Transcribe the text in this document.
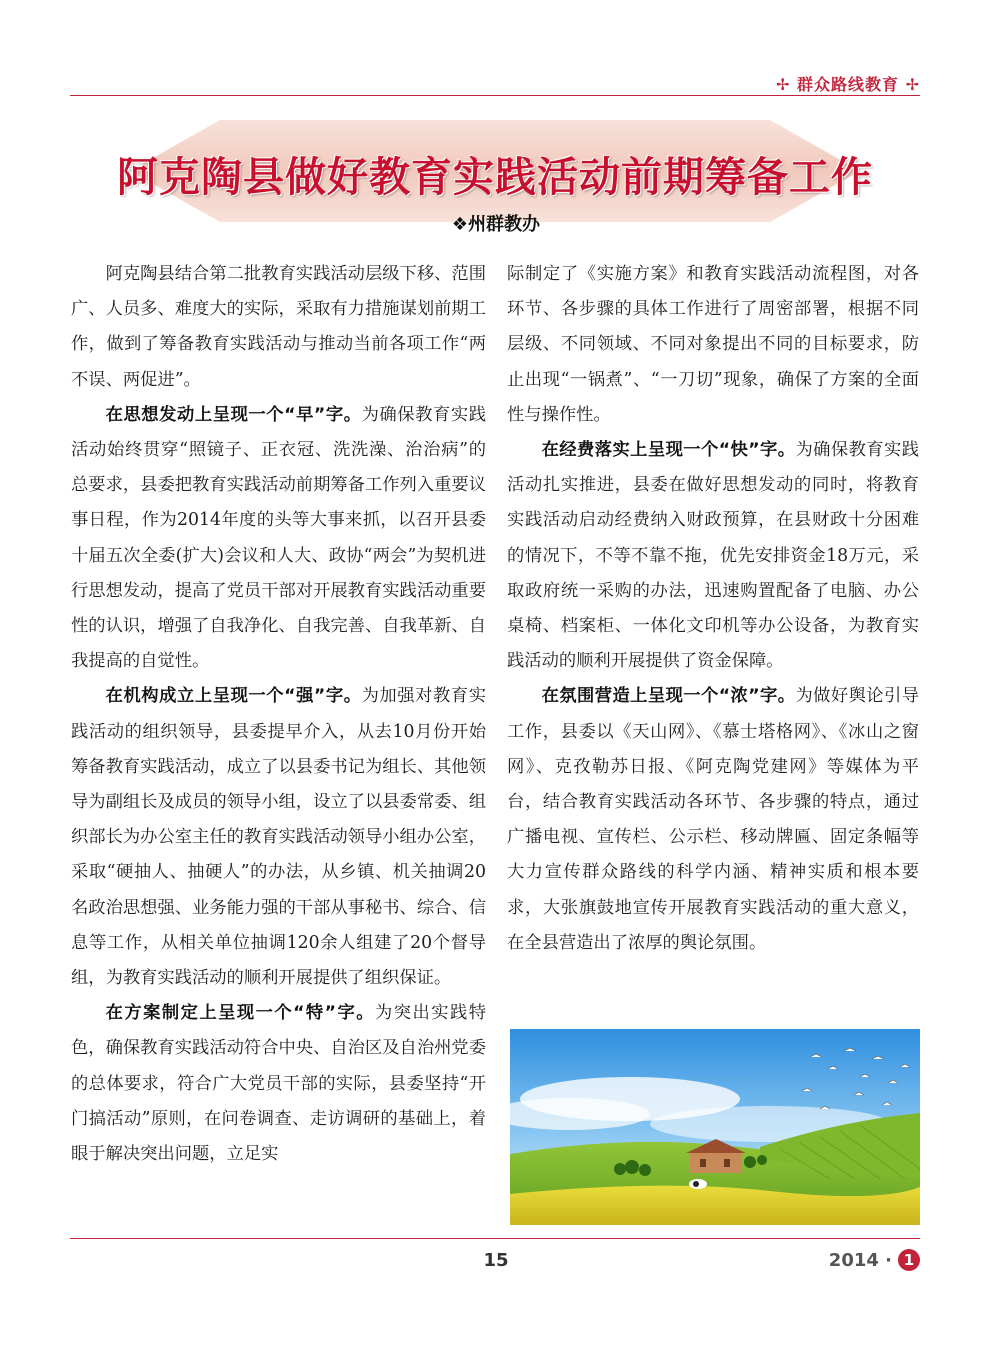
✢ 群众路线教育 ✢
阿克陶县做好教育实践活动前期筹备工作
❖州群教办

阿克陶县结合第二批教育实践活动层级下移、范围广、人员多、难度大的实际，采取有力措施谋划前期工作，做到了筹备教育实践活动与推动当前各项工作“两不误、两促进”。

在思想发动上呈现一个“早”字。为确保教育实践活动始终贯穿“照镜子、正衣冠、洗洗澡、治治病”的总要求，县委把教育实践活动前期筹备工作列入重要议事日程，作为2014年度的头等大事来抓，以召开县委十届五次全委(扩大)会议和人大、政协“两会”为契机进行思想发动，提高了党员干部对开展教育实践活动重要性的认识，增强了自我净化、自我完善、自我革新、自我提高的自觉性。

在机构成立上呈现一个“强”字。为加强对教育实践活动的组织领导，县委提早介入，从去10月份开始筹备教育实践活动，成立了以县委书记为组长、其他领导为副组长及成员的领导小组，设立了以县委常委、组织部长为办公室主任的教育实践活动领导小组办公室，采取“硬抽人、抽硬人”的办法，从乡镇、机关抽调20名政治思想强、业务能力强的干部从事秘书、综合、信息等工作，从相关单位抽调120余人组建了20个督导组，为教育实践活动的顺利开展提供了组织保证。

在方案制定上呈现一个“特”字。为突出实践特色，确保教育实践活动符合中央、自治区及自治州党委的总体要求，符合广大党员干部的实际，县委坚持“开门搞活动”原则，在问卷调查、走访调研的基础上，着眼于解决突出问题，立足实

际制定了《实施方案》和教育实践活动流程图，对各环节、各步骤的具体工作进行了周密部署，根据不同层级、不同领域、不同对象提出不同的目标要求，防止出现“一锅煮”、“一刀切”现象，确保了方案的全面性与操作性。

在经费落实上呈现一个“快”字。为确保教育实践活动扎实推进，县委在做好思想发动的同时，将教育实践活动启动经费纳入财政预算，在县财政十分困难的情况下，不等不靠不拖，优先安排资金18万元，采取政府统一采购的办法，迅速购置配备了电脑、办公桌椅、档案柜、一体化文印机等办公设备，为教育实践活动的顺利开展提供了资金保障。

在氛围营造上呈现一个“浓”字。为做好舆论引导工作，县委以《天山网》、《慕士塔格网》、《冰山之窗网》、克孜勒苏日报、《阿克陶党建网》等媒体为平台，结合教育实践活动各环节、各步骤的特点，通过广播电视、宣传栏、公示栏、移动牌匾、固定条幅等大力宣传群众路线的科学内涵、精神实质和根本要求，大张旗鼓地宣传开展教育实践活动的重大意义，在全县营造出了浓厚的舆论氛围。

15	2014 · 1
